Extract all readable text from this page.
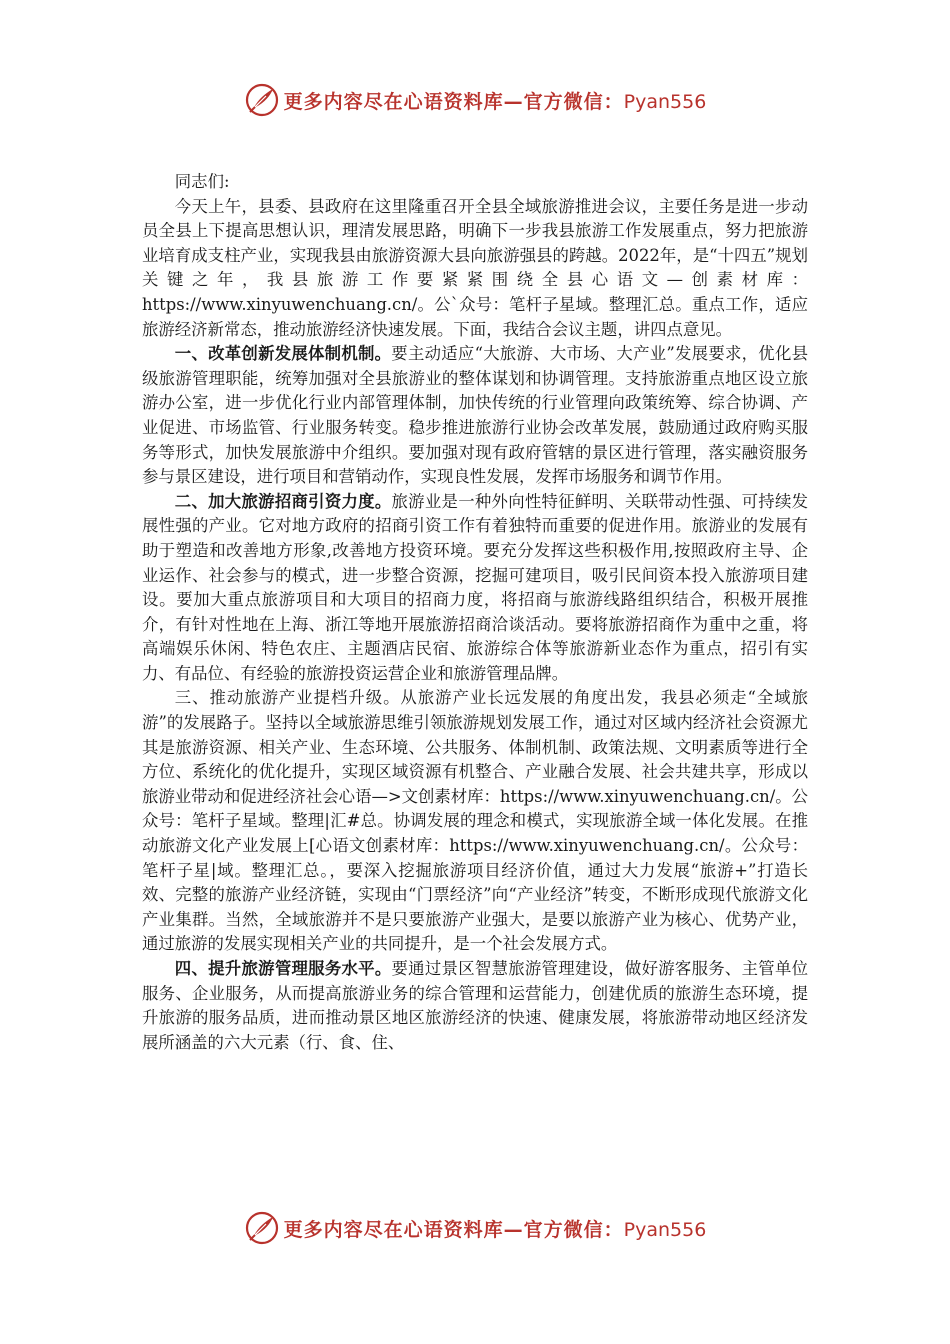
更多内容尽在心语资料库—官方微信：Pyan556

同志们:

今天上午，县委、县政府在这里隆重召开全县全域旅游推进会议，主要任务是进一步动员全县上下提高思想认识，理清发展思路，明确下一步我县旅游工作发展重点，努力把旅游业培育成支柱产业，实现我县由旅游资源大县向旅游强县的跨越。2022年，是“十四五”规划关键之年，我县旅游工作要紧紧围绕全县心语文—创素材库：https://www.xinyuwenchuang.cn/。公`众号：笔杆子星域。整理汇总。重点工作，适应旅游经济新常态，推动旅游经济快速发展。下面，我结合会议主题，讲四点意见。

一、改革创新发展体制机制。要主动适应“大旅游、大市场、大产业”发展要求，优化县级旅游管理职能，统筹加强对全县旅游业的整体谋划和协调管理。支持旅游重点地区设立旅游办公室，进一步优化行业内部管理体制，加快传统的行业管理向政策统筹、综合协调、产业促进、市场监管、行业服务转变。稳步推进旅游行业协会改革发展，鼓励通过政府购买服务等形式，加快发展旅游中介组织。要加强对现有政府管辖的景区进行管理，落实融资服务参与景区建设，进行项目和营销动作，实现良性发展，发挥市场服务和调节作用。

二、加大旅游招商引资力度。旅游业是一种外向性特征鲜明、关联带动性强、可持续发展性强的产业。它对地方政府的招商引资工作有着独特而重要的促进作用。旅游业的发展有助于塑造和改善地方形象,改善地方投资环境。要充分发挥这些积极作用,按照政府主导、企业运作、社会参与的模式，进一步整合资源，挖掘可建项目，吸引民间资本投入旅游项目建设。要加大重点旅游项目和大项目的招商力度，将招商与旅游线路组织结合，积极开展推介，有针对性地在上海、浙江等地开展旅游招商洽谈活动。要将旅游招商作为重中之重，将高端娱乐休闲、特色农庄、主题酒店民宿、旅游综合体等旅游新业态作为重点，招引有实力、有品位、有经验的旅游投资运营企业和旅游管理品牌。

三、推动旅游产业提档升级。从旅游产业长远发展的角度出发，我县必须走“全域旅游”的发展路子。坚持以全域旅游思维引领旅游规划发展工作，通过对区域内经济社会资源尤其是旅游资源、相关产业、生态环境、公共服务、体制机制、政策法规、文明素质等进行全方位、系统化的优化提升，实现区域资源有机整合、产业融合发展、社会共建共享，形成以旅游业带动和促进经济社会心语—>文创素材库：https://www.xinyuwenchuang.cn/。公众号：笔杆子星域。整理|汇#总。协调发展的理念和模式，实现旅游全域一体化发展。在推动旅游文化产业发展上[心语文创素材库：https://www.xinyuwenchuang.cn/。公众号：笔杆子星|域。整理汇总。，要深入挖掘旅游项目经济价值，通过大力发展“旅游+”打造长效、完整的旅游产业经济链，实现由“门票经济”向“产业经济”转变，不断形成现代旅游文化产业集群。当然，全域旅游并不是只要旅游产业强大，是要以旅游产业为核心、优势产业，通过旅游的发展实现相关产业的共同提升，是一个社会发展方式。

四、提升旅游管理服务水平。要通过景区智慧旅游管理建设，做好游客服务、主管单位服务、企业服务，从而提高旅游业务的综合管理和运营能力，创建优质的旅游生态环境，提升旅游的服务品质，进而推动景区地区旅游经济的快速、健康发展，将旅游带动地区经济发展所涵盖的六大元素（行、食、住、

更多内容尽在心语资料库—官方微信：Pyan556
